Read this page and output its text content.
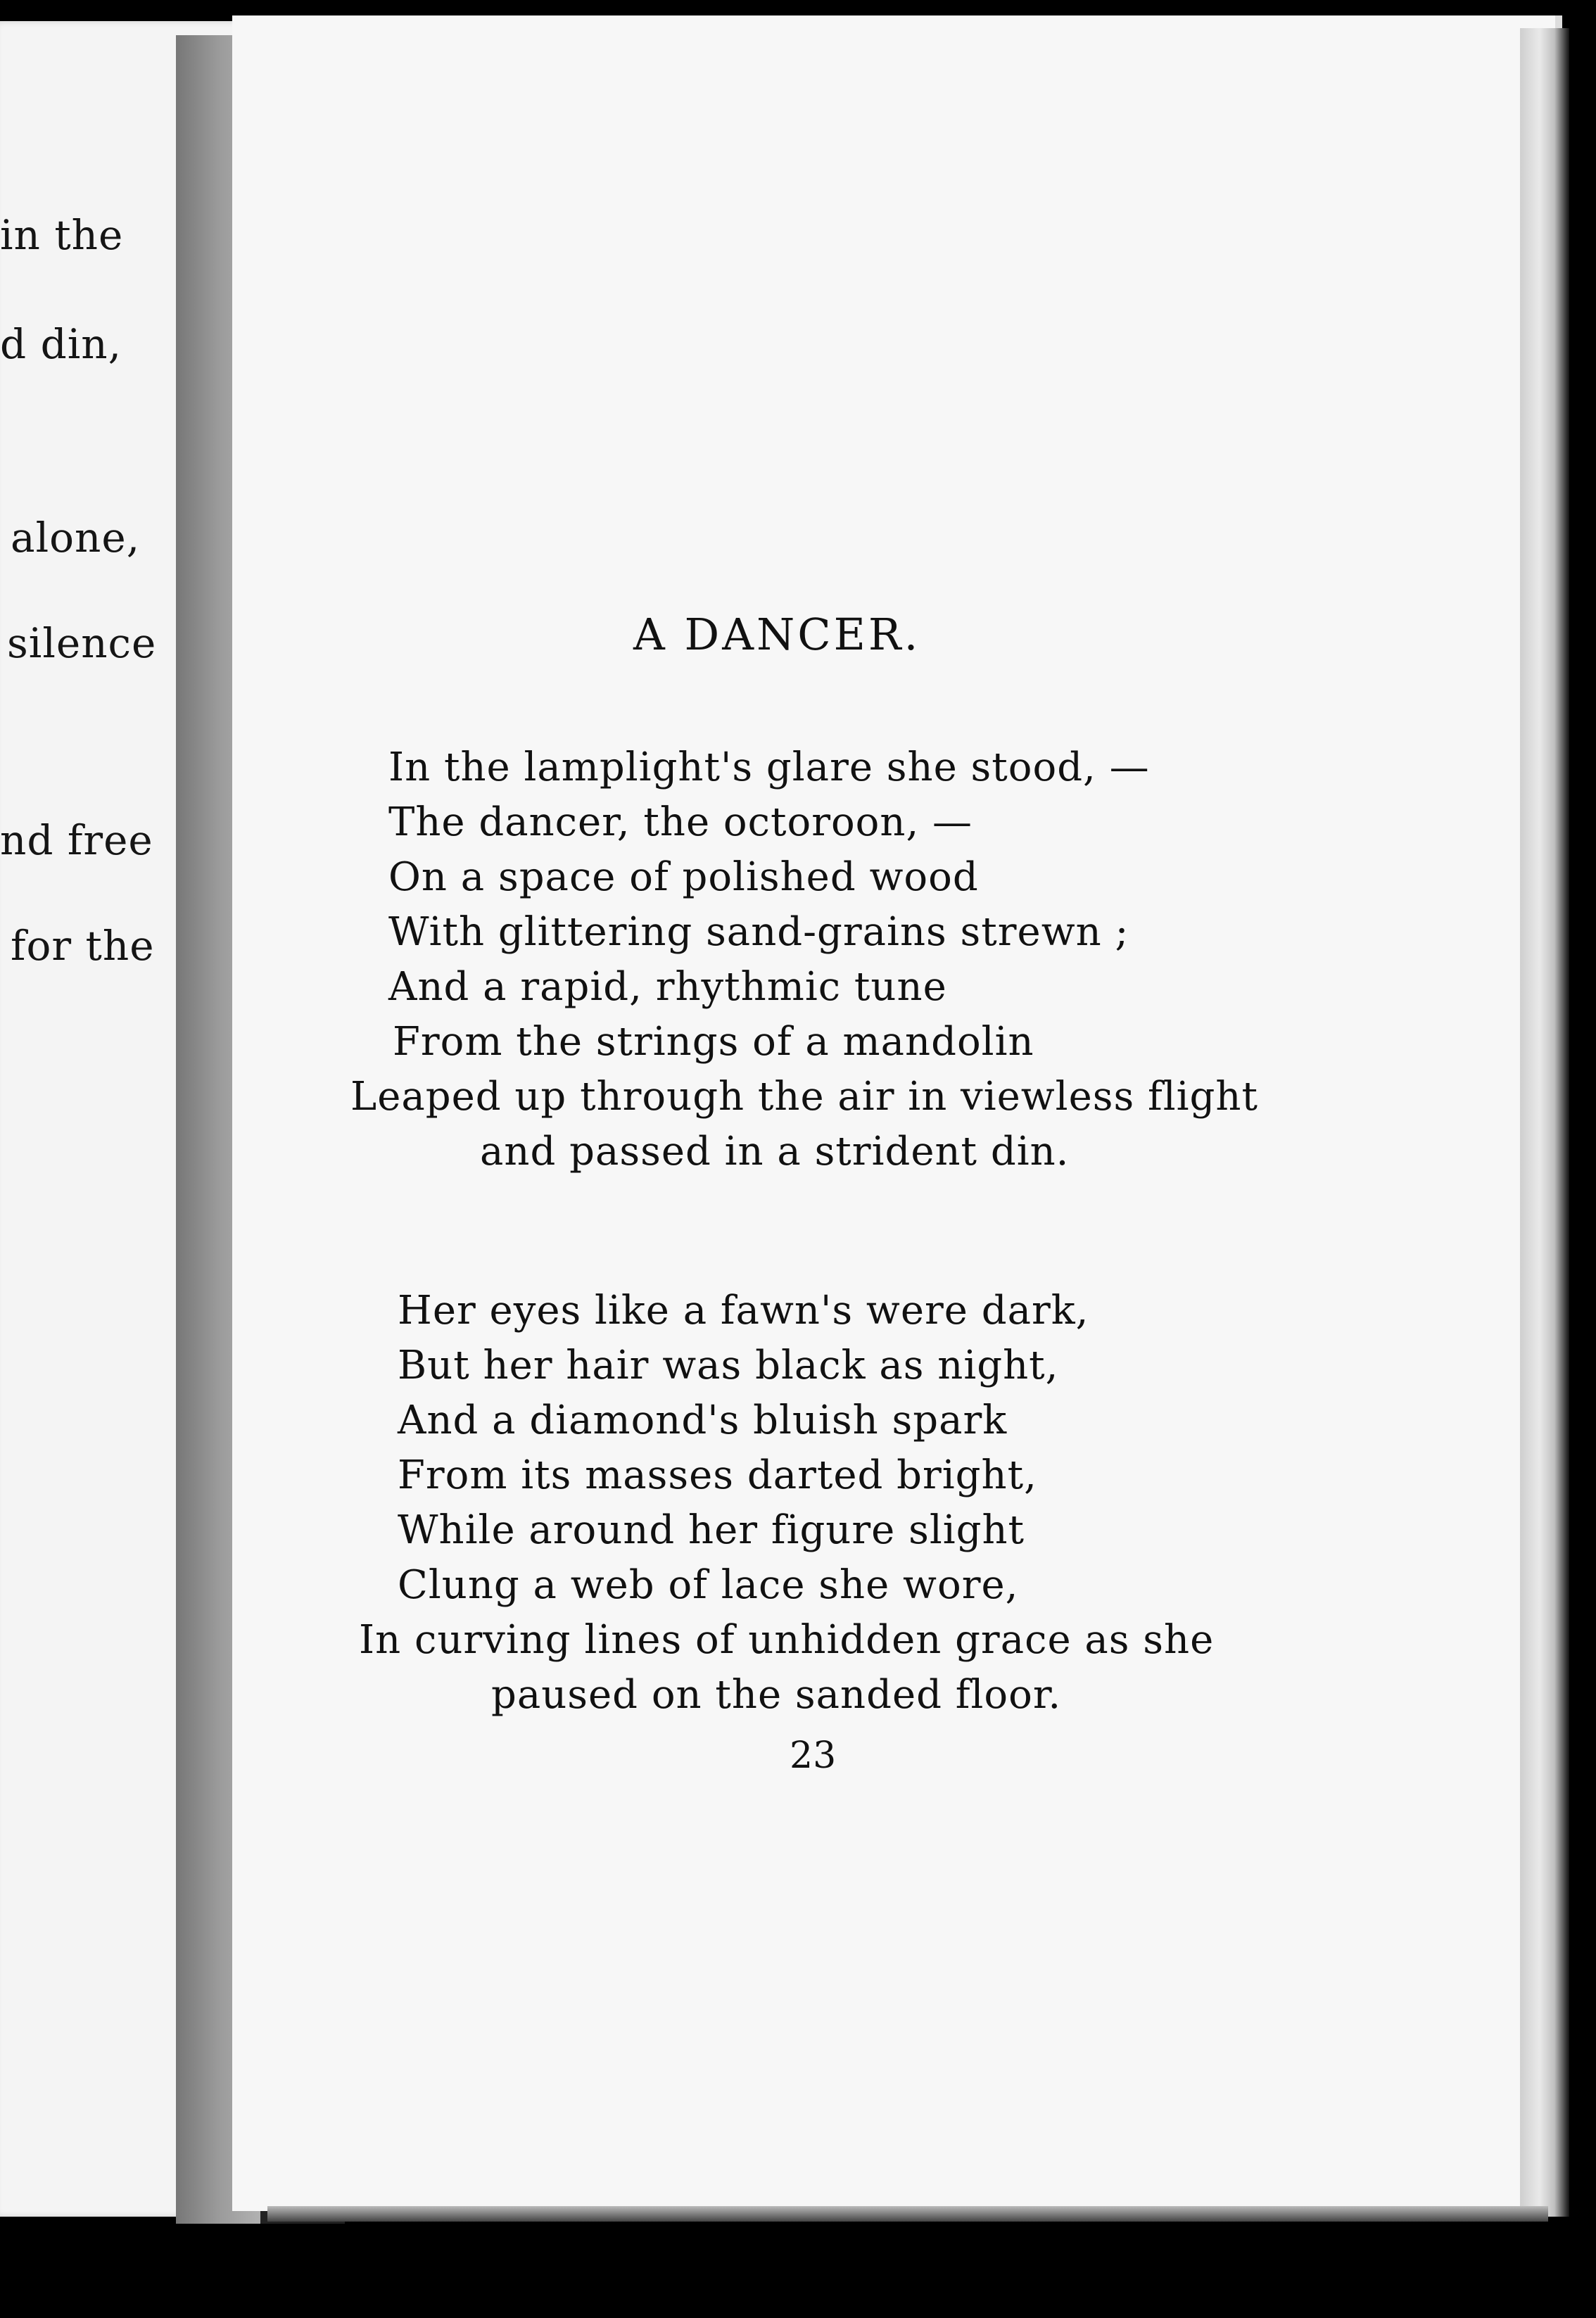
in the
d din,
alone,
silence
nd free
for the
A DANCER.
In the lamplight's glare she stood, —
The dancer, the octoroon, —
On a space of polished wood
With glittering sand-grains strewn ;
And a rapid, rhythmic tune
From the strings of a mandolin
Leaped up through the air in viewless flight
and passed in a strident din.
Her eyes like a fawn's were dark,
But her hair was black as night,
And a diamond's bluish spark
From its masses darted bright,
While around her figure slight
Clung a web of lace she wore,
In curving lines of unhidden grace as she
paused on the sanded floor.
23
